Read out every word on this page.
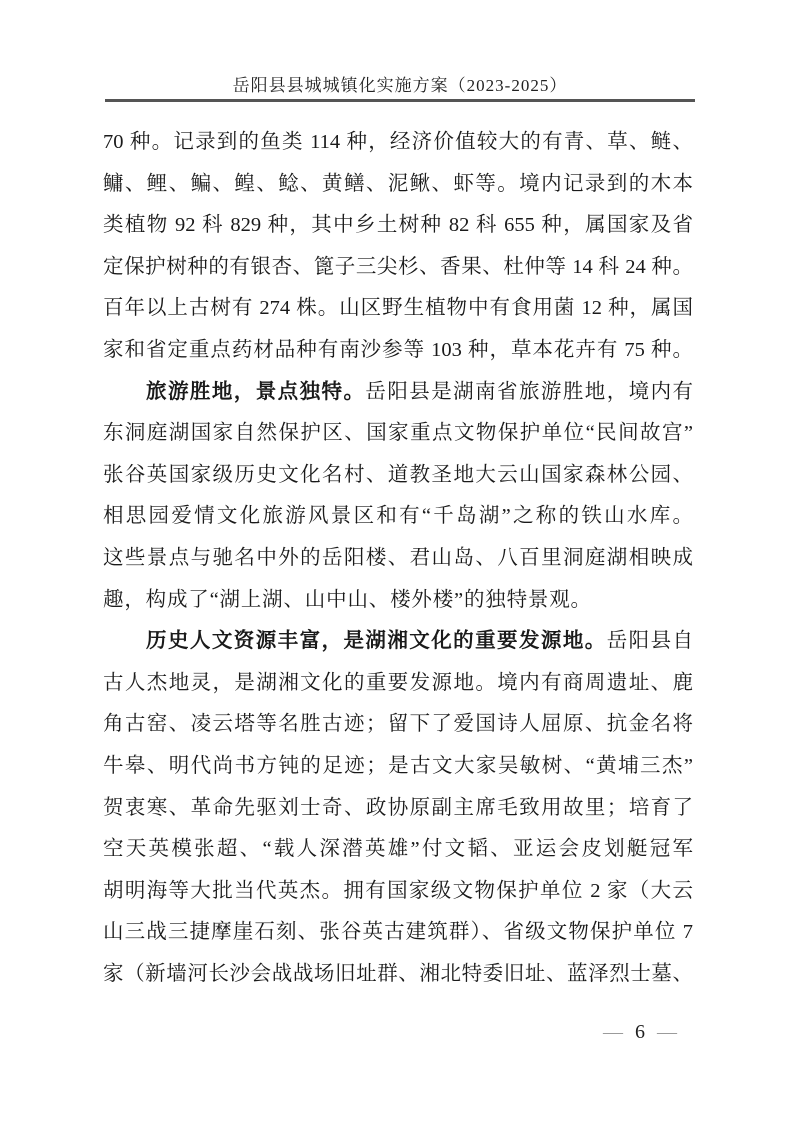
岳阳县县城城镇化实施方案（2023-2025）
70 种。记录到的鱼类 114 种，经济价值较大的有青、草、鲢、
鳙、鲤、鳊、鳇、鲶、黄鳝、泥鳅、虾等。境内记录到的木本
类植物 92 科 829 种，其中乡土树种 82 科 655 种，属国家及省
定保护树种的有银杏、篦子三尖杉、香果、杜仲等 14 科 24 种。
百年以上古树有 274 株。山区野生植物中有食用菌 12 种，属国
家和省定重点药材品种有南沙参等 103 种，草本花卉有 75 种。
旅游胜地，景点独特。岳阳县是湖南省旅游胜地，境内有
东洞庭湖国家自然保护区、国家重点文物保护单位“民间故宫”
张谷英国家级历史文化名村、道教圣地大云山国家森林公园、
相思园爱情文化旅游风景区和有“千岛湖”之称的铁山水库。
这些景点与驰名中外的岳阳楼、君山岛、八百里洞庭湖相映成
趣，构成了“湖上湖、山中山、楼外楼”的独特景观。
历史人文资源丰富，是湖湘文化的重要发源地。岳阳县自
古人杰地灵，是湖湘文化的重要发源地。境内有商周遗址、鹿
角古窑、凌云塔等名胜古迹；留下了爱国诗人屈原、抗金名将
牛皋、明代尚书方钝的足迹；是古文大家吴敏树、“黄埔三杰”
贺衷寒、革命先驱刘士奇、政协原副主席毛致用故里；培育了
空天英模张超、“载人深潜英雄”付文韬、亚运会皮划艇冠军
胡明海等大批当代英杰。拥有国家级文物保护单位 2 家（大云
山三战三捷摩崖石刻、张谷英古建筑群）、省级文物保护单位 7
家（新墙河长沙会战战场旧址群、湘北特委旧址、蓝泽烈士墓、
— 6 —
